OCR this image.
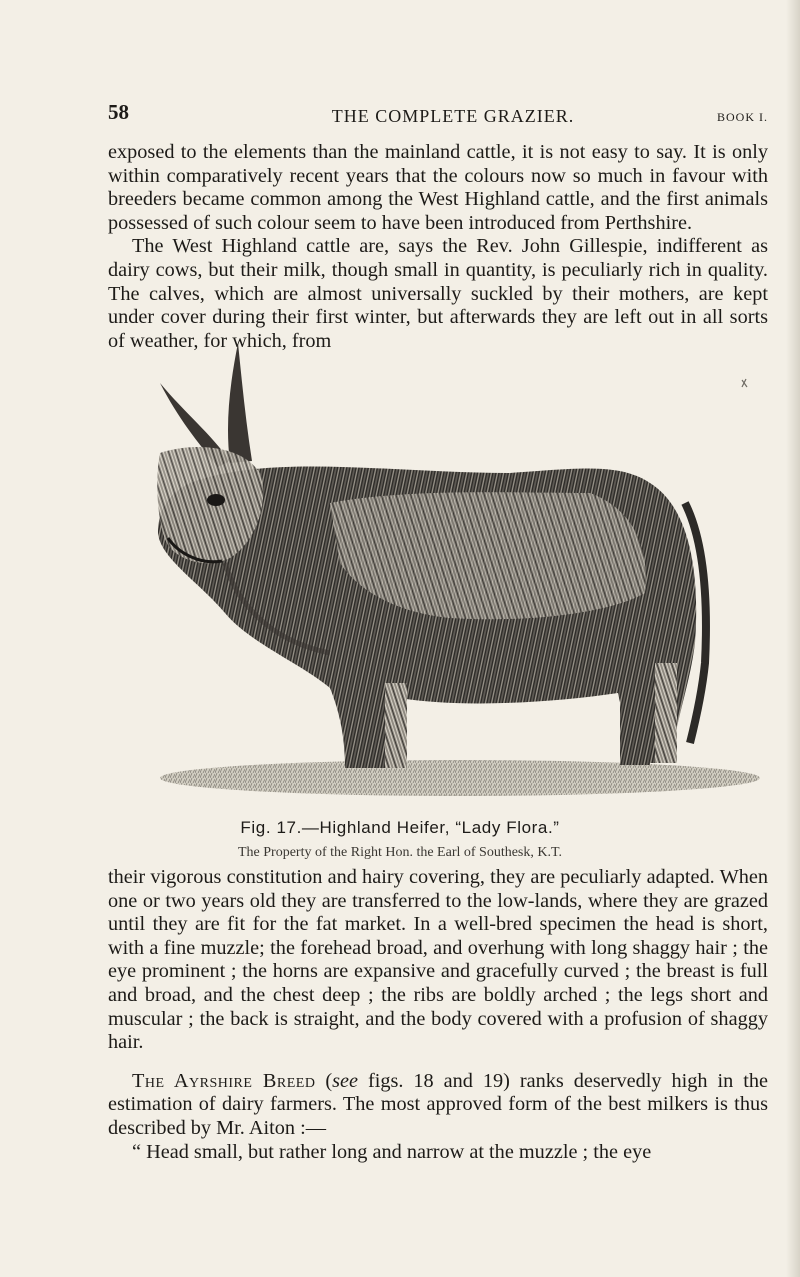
58	THE COMPLETE GRAZIER.	BOOK I.

exposed to the elements than the mainland cattle, it is not easy to say. It is only within comparatively recent years that the colours now so much in favour with breeders became common among the West Highland cattle, and the first animals possessed of such colour seem to have been introduced from Perthshire.

The West Highland cattle are, says the Rev. John Gillespie, indifferent as dairy cows, but their milk, though small in quantity, is peculiarly rich in quality. The calves, which are almost universally suckled by their mothers, are kept under cover during their first winter, but afterwards they are left out in all sorts of weather, for which, from

Fig. 17.—Highland Heifer, “Lady Flora.”
The Property of the Right Hon. the Earl of Southesk, K.T.

their vigorous constitution and hairy covering, they are peculiarly adapted. When one or two years old they are transferred to the low-lands, where they are grazed until they are fit for the fat market. In a well-bred specimen the head is short, with a fine muzzle; the forehead broad, and overhung with long shaggy hair ; the eye prominent ; the horns are expansive and gracefully curved ; the breast is full and broad, and the chest deep ; the ribs are boldly arched ; the legs short and muscular ; the back is straight, and the body covered with a profusion of shaggy hair.

The Ayrshire Breed (see figs. 18 and 19) ranks deservedly high in the estimation of dairy farmers. The most approved form of the best milkers is thus described by Mr. Aiton :—

“ Head small, but rather long and narrow at the muzzle ; the eye
